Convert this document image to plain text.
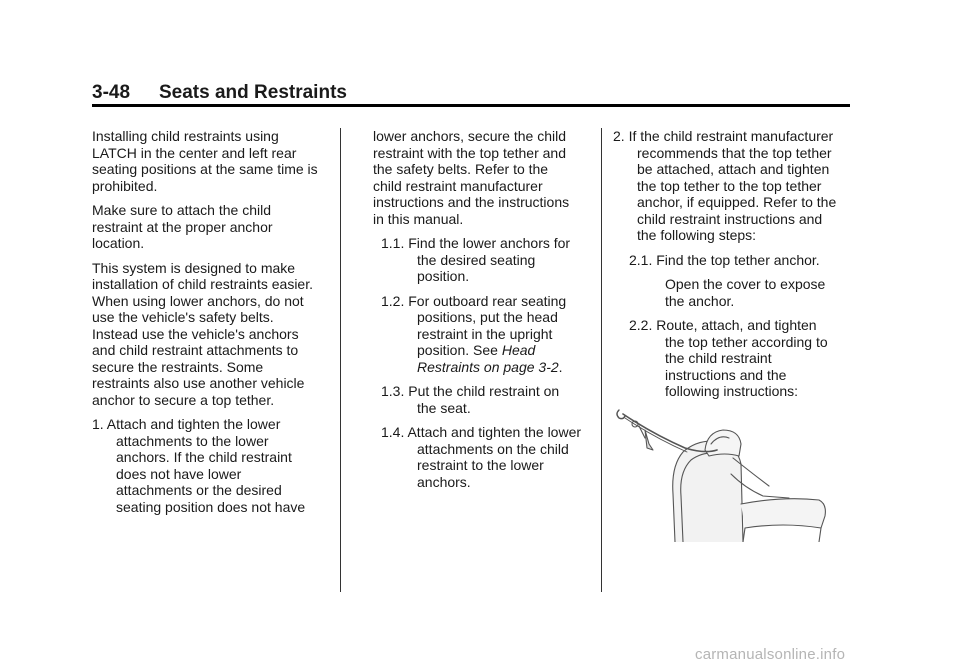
3-48 Seats and Restraints

Installing child restraints using
LATCH in the center and left rear
seating positions at the same time is
prohibited.

Make sure to attach the child
restraint at the proper anchor
location.

This system is designed to make
installation of child restraints easier.
When using lower anchors, do not
use the vehicle's safety belts.
Instead use the vehicle's anchors
and child restraint attachments to
secure the restraints. Some
restraints also use another vehicle
anchor to secure a top tether.

1. Attach and tighten the lower
attachments to the lower
anchors. If the child restraint
does not have lower
attachments or the desired
seating position does not have

lower anchors, secure the child
restraint with the top tether and
the safety belts. Refer to the
child restraint manufacturer
instructions and the instructions
in this manual.

1.1. Find the lower anchors for
the desired seating
position.

1.2. For outboard rear seating
positions, put the head
restraint in the upright
position. See Head
Restraints on page 3-2.

1.3. Put the child restraint on
the seat.

1.4. Attach and tighten the lower
attachments on the child
restraint to the lower
anchors.

2. If the child restraint manufacturer
recommends that the top tether
be attached, attach and tighten
the top tether to the top tether
anchor, if equipped. Refer to the
child restraint instructions and
the following steps:

2.1. Find the top tether anchor.

Open the cover to expose
the anchor.

2.2. Route, attach, and tighten
the top tether according to
the child restraint
instructions and the
following instructions:

carmanualsonline.info
